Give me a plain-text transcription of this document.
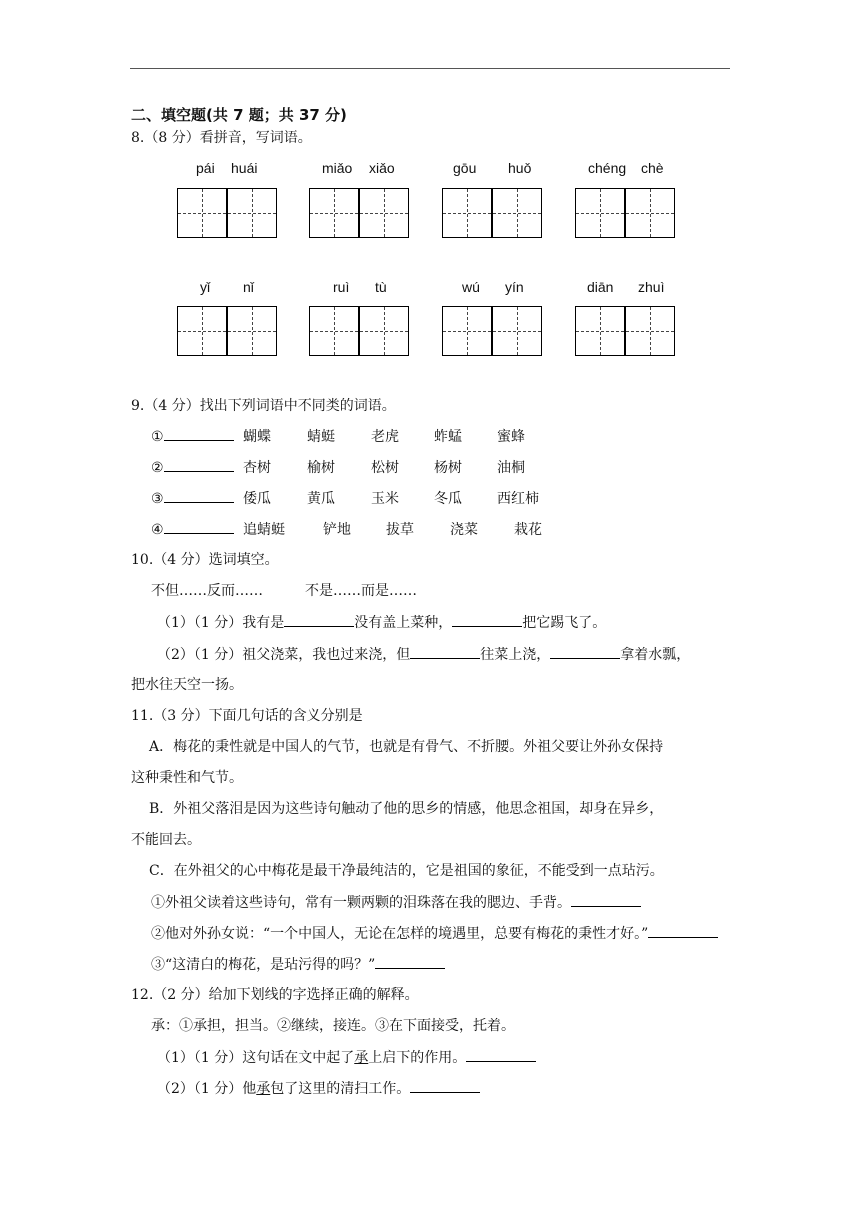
二、填空题(共 7 题；共 37 分)
8.（8 分）看拼音，写词语。
pái huái	miǎo xiǎo	gōu huǒ	chéng chè
yǐ nǐ	ruì tù	wú yín	diān zhuì
9.（4 分）找出下列词语中不同类的词语。
①	蝴蝶	蜻蜓	老虎	蚱蜢	蜜蜂
②	杏树	榆树	松树	杨树	油桐
③	倭瓜	黄瓜	玉米	冬瓜	西红柿
④	追蜻蜓	铲地	拔草	浇菜	栽花
10.（4 分）选词填空。
不但……反而……　　　不是……而是……
（1）（1 分）我有是	没有盖上菜种，	把它踢飞了。
（2）（1 分）祖父浇菜，我也过来浇，但	往菜上浇，	拿着水瓢，
把水往天空一扬。
11.（3 分）下面几句话的含义分别是
A．梅花的秉性就是中国人的气节，也就是有骨气、不折腰。外祖父要让外孙女保持
这种秉性和气节。
B．外祖父落泪是因为这些诗句触动了他的思乡的情感，他思念祖国，却身在异乡，
不能回去。
C．在外祖父的心中梅花是最干净最纯洁的，它是祖国的象征，不能受到一点玷污。
①外祖父读着这些诗句，常有一颗两颗的泪珠落在我的腮边、手背。
②他对外孙女说：“一个中国人，无论在怎样的境遇里，总要有梅花的秉性才好。”
③“这清白的梅花，是玷污得的吗？”
12.（2 分）给加下划线的字选择正确的解释。
承：①承担，担当。②继续，接连。③在下面接受，托着。
（1）（1 分）这句话在文中起了承上启下的作用。
（2）（1 分）他承包了这里的清扫工作。
